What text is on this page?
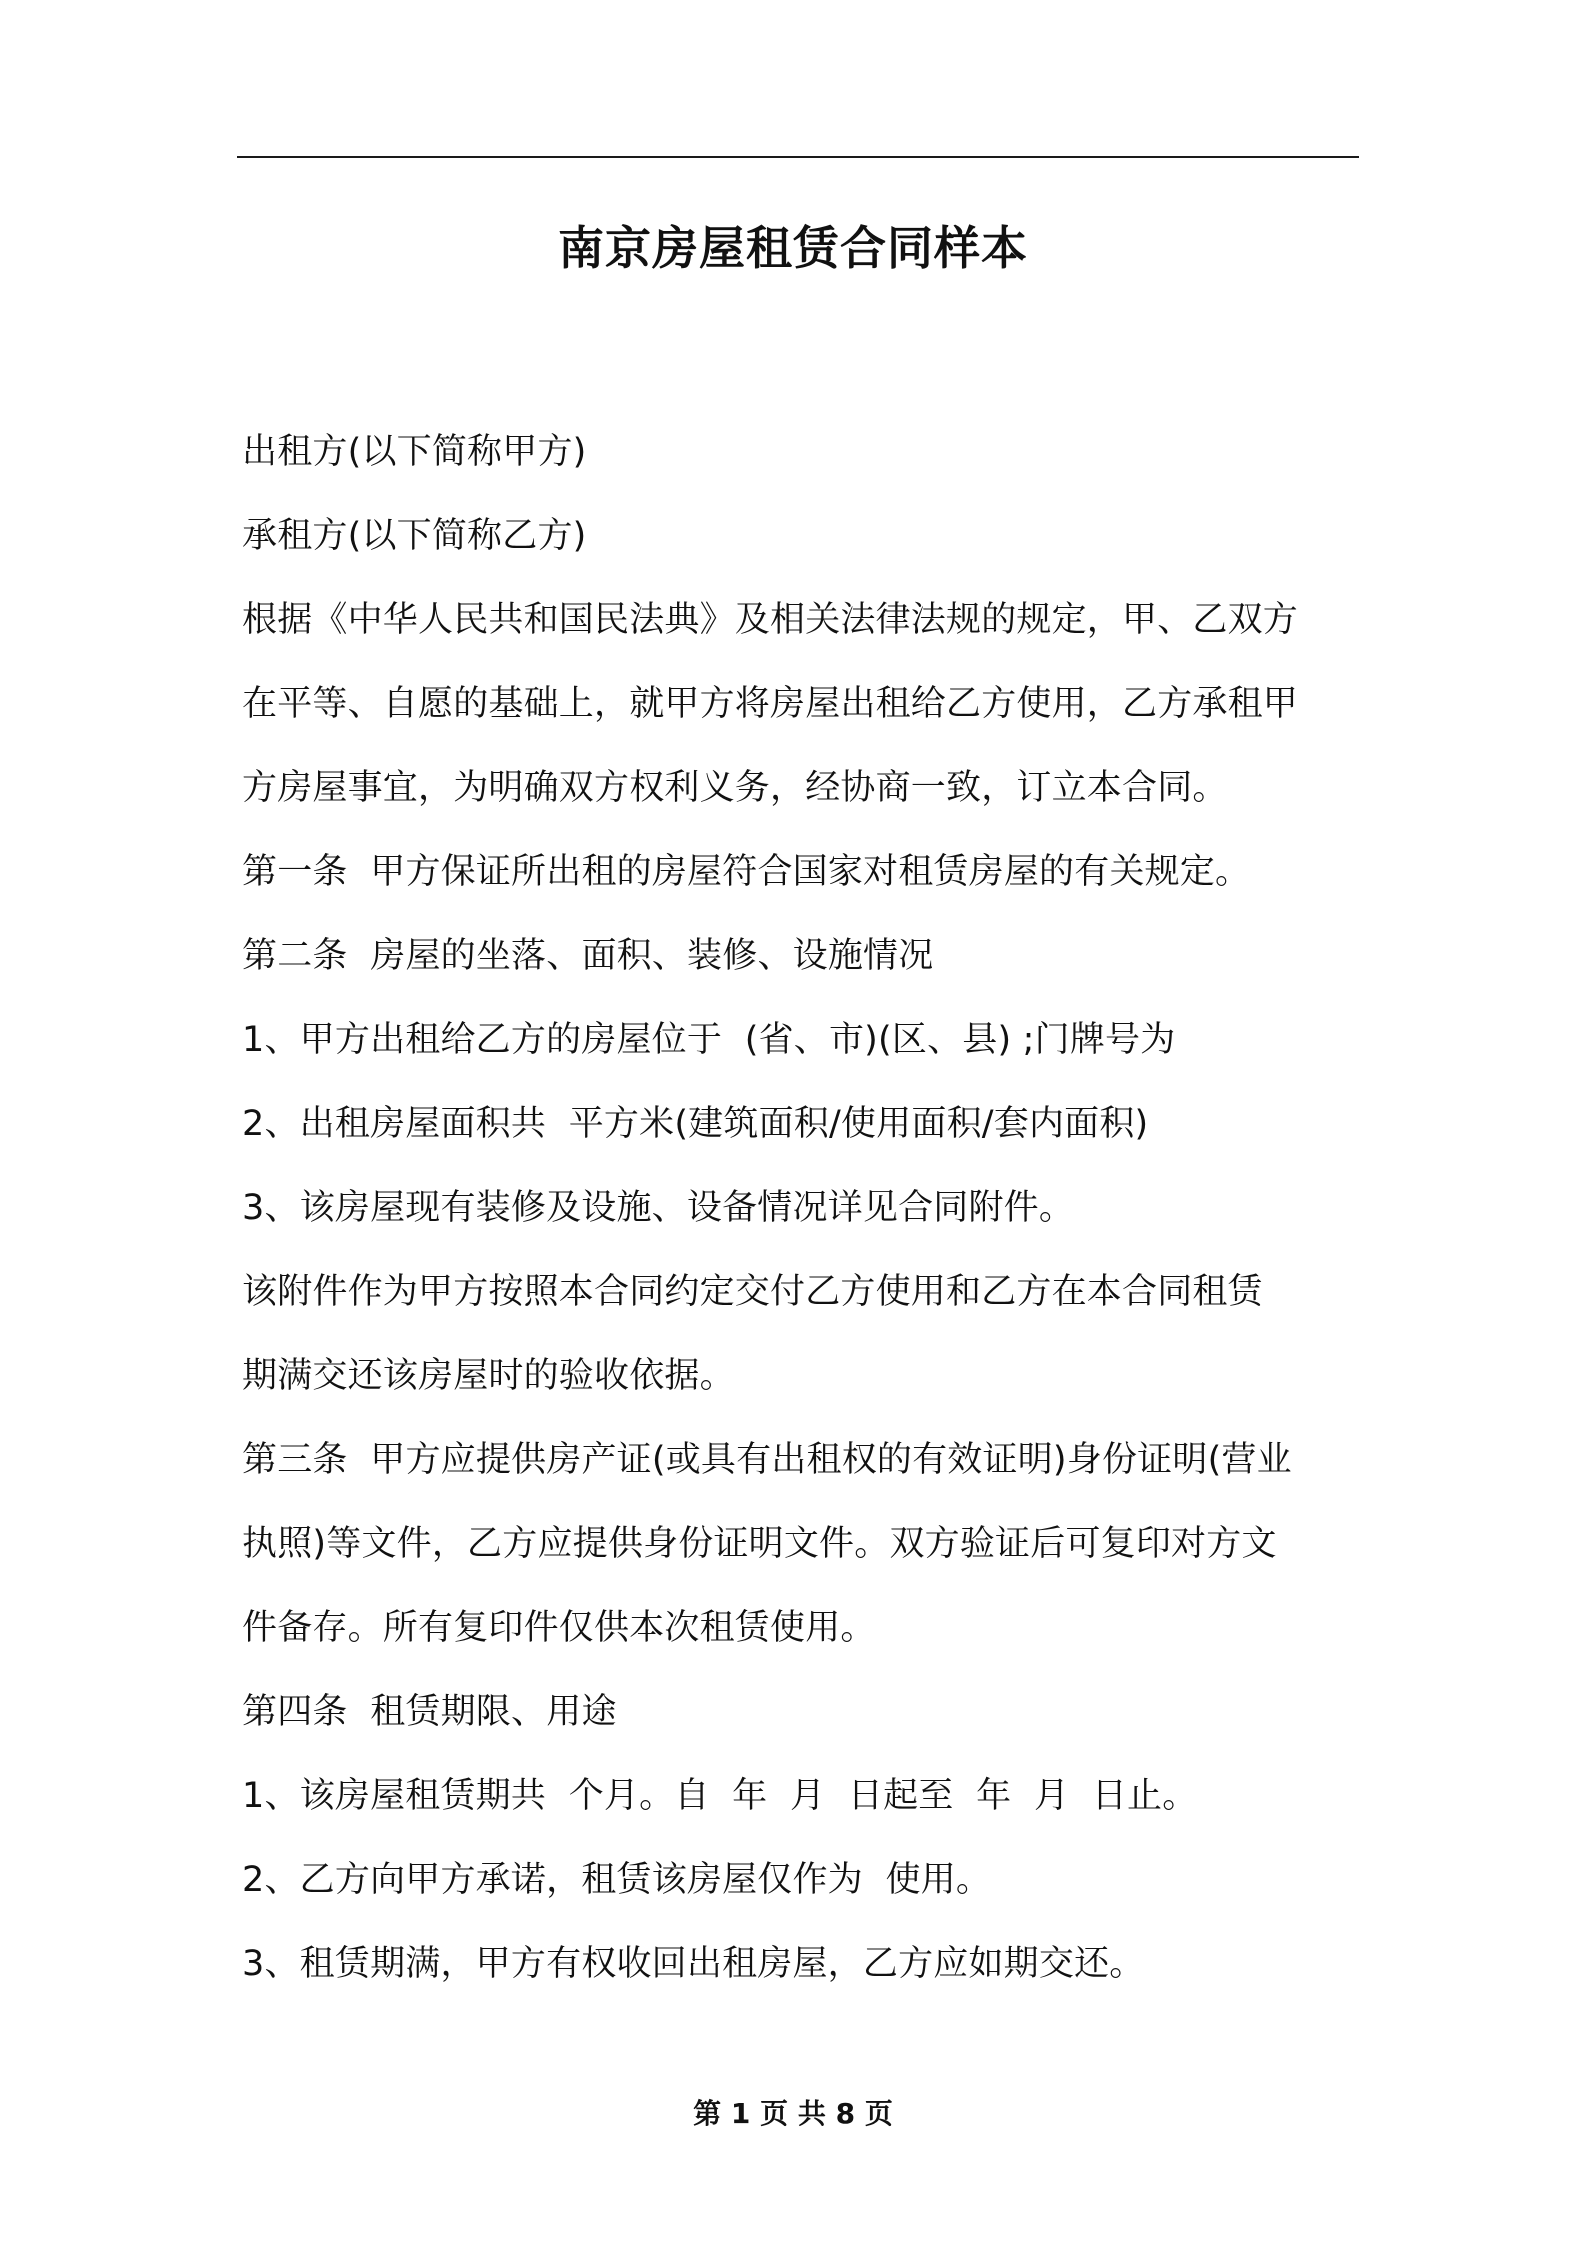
南京房屋租赁合同样本

出租方(以下简称甲方)

承租方(以下简称乙方)

根据《中华人民共和国民法典》及相关法律法规的规定，甲、乙双方

在平等、自愿的基础上，就甲方将房屋出租给乙方使用，乙方承租甲

方房屋事宜，为明确双方权利义务，经协商一致，订立本合同。

第一条  甲方保证所出租的房屋符合国家对租赁房屋的有关规定。

第二条  房屋的坐落、面积、装修、设施情况

1、甲方出租给乙方的房屋位于  (省、市)(区、县) ;门牌号为

2、出租房屋面积共  平方米(建筑面积/使用面积/套内面积)

3、该房屋现有装修及设施、设备情况详见合同附件。

该附件作为甲方按照本合同约定交付乙方使用和乙方在本合同租赁

期满交还该房屋时的验收依据。

第三条  甲方应提供房产证(或具有出租权的有效证明)身份证明(营业

执照)等文件，乙方应提供身份证明文件。双方验证后可复印对方文

件备存。所有复印件仅供本次租赁使用。

第四条  租赁期限、用途

1、该房屋租赁期共  个月。自  年  月  日起至  年  月  日止。

2、乙方向甲方承诺，租赁该房屋仅作为  使用。

3、租赁期满，甲方有权收回出租房屋，乙方应如期交还。

第 1 页 共 8 页
